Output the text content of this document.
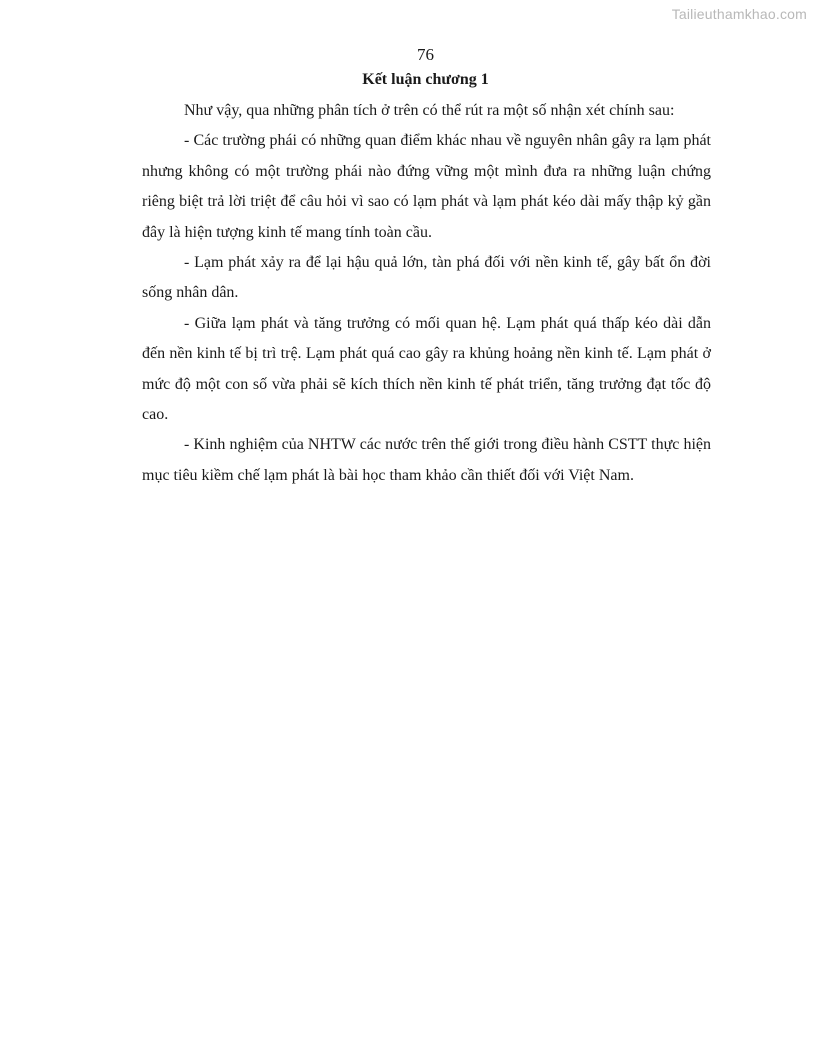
Tailieuthamkhao.com
76
Kết luận chương 1

Như vậy, qua những phân tích ở trên có thể rút ra một số nhận xét chính sau:

- Các trường phái có những quan điểm khác nhau về nguyên nhân gây ra lạm phát nhưng không có một trường phái nào đứng vững một mình đưa ra những luận chứng riêng biệt trả lời triệt để câu hỏi vì sao có lạm phát và lạm phát kéo dài mấy thập kỷ gần đây là hiện tượng kinh tế mang tính toàn cầu.

- Lạm phát xảy ra để lại hậu quả lớn, tàn phá đối với nền kinh tế, gây bất ổn đời sống nhân dân.

- Giữa lạm phát và tăng trưởng có mối quan hệ. Lạm phát quá thấp kéo dài dẫn đến nền kinh tế bị trì trệ. Lạm phát quá cao gây ra khủng hoảng nền kinh tế. Lạm phát ở mức độ một con số vừa phải sẽ kích thích nền kinh tế phát triển, tăng trưởng đạt tốc độ cao.

- Kinh nghiệm của NHTW các nước trên thế giới trong điều hành CSTT thực hiện mục tiêu kiềm chế lạm phát là bài học tham khảo cần thiết đối với Việt Nam.
